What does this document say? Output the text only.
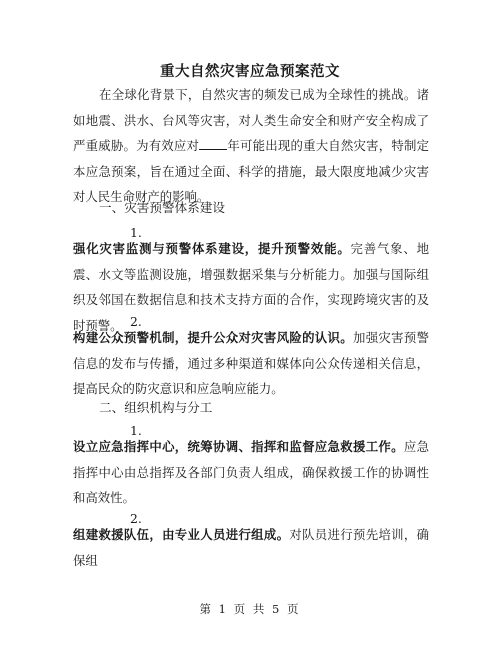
重大自然灾害应急预案范文

在全球化背景下，自然灾害的频发已成为全球性的挑战。诸如地震、洪水、台风等灾害，对人类生命安全和财产安全构成了严重威胁。为有效应对 年可能出现的重大自然灾害，特制定本应急预案，旨在通过全面、科学的措施，最大限度地减少灾害对人民生命财产的影响。

一、灾害预警体系建设
1.

强化灾害监测与预警体系建设，提升预警效能。完善气象、地震、水文等监测设施，增强数据采集与分析能力。加强与国际组织及邻国在数据信息和技术支持方面的合作，实现跨境灾害的及时预警。 2.

构建公众预警机制，提升公众对灾害风险的认识。加强灾害预警信息的发布与传播，通过多种渠道和媒体向公众传递相关信息，提高民众的防灾意识和应急响应能力。

二、组织机构与分工
1.

设立应急指挥中心，统筹协调、指挥和监督应急救援工作。应急指挥中心由总指挥及各部门负责人组成，确保救援工作的协调性和高效性。

2.

组建救援队伍，由专业人员进行组成。对队员进行预先培训，确保组

第 1 页 共 5 页
